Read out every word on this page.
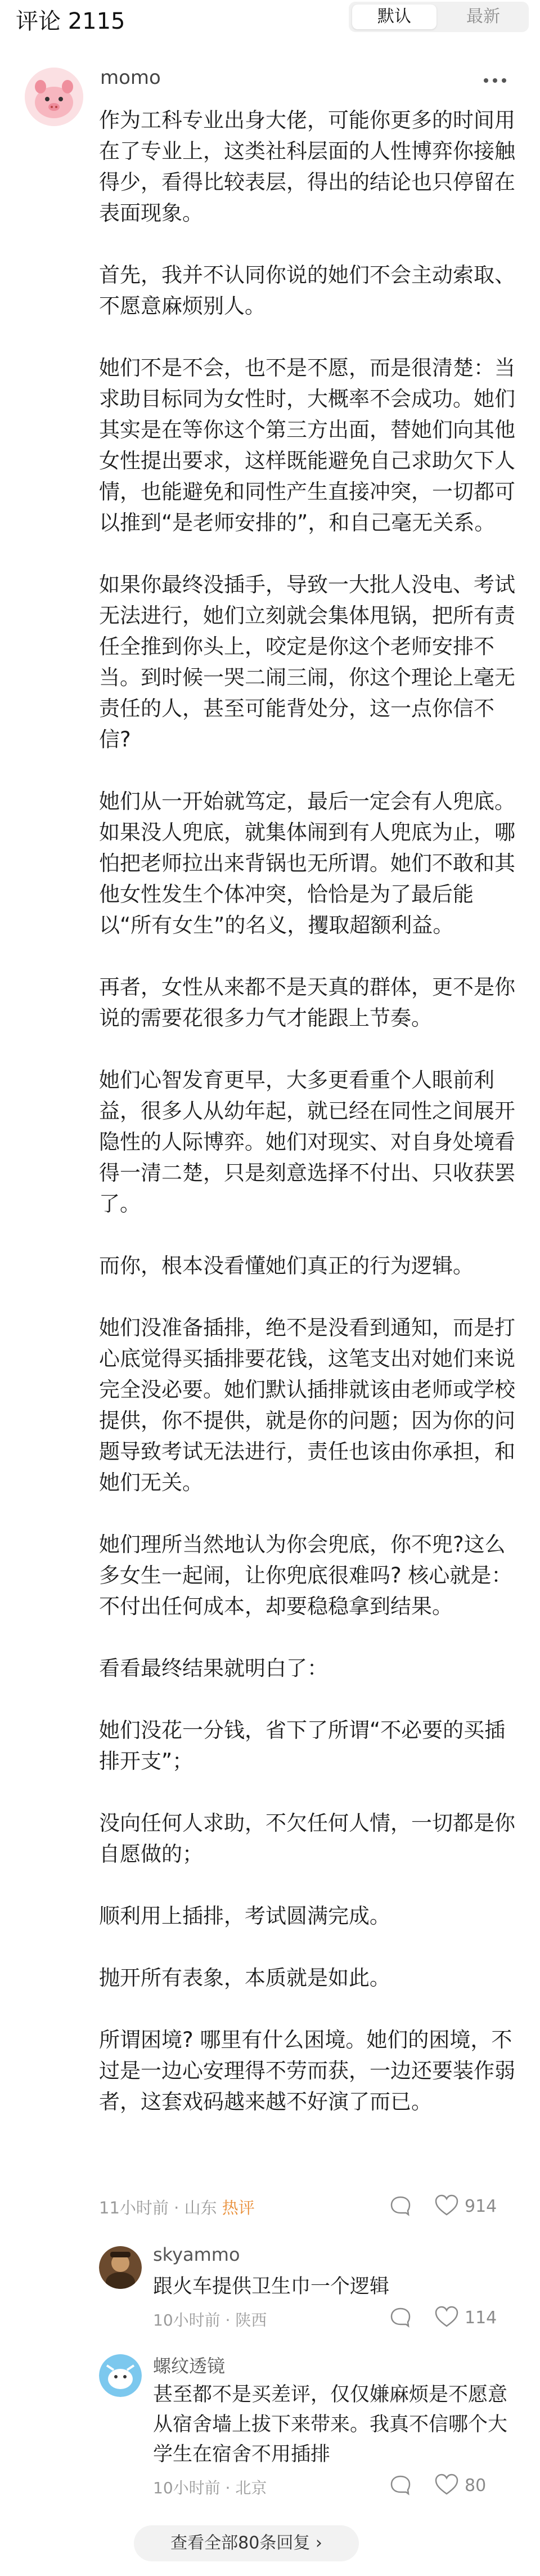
评论 2115	默认	最新
momo

作为工科专业出身大佬，可能你更多的时间用在了专业上，这类社科层面的人性博弈你接触得少，看得比较表层，得出的结论也只停留在表面现象。

首先，我并不认同你说的她们不会主动索取、不愿意麻烦别人。

她们不是不会，也不是不愿，而是很清楚：当求助目标同为女性时，大概率不会成功。她们其实是在等你这个第三方出面，替她们向其他女性提出要求，这样既能避免自己求助欠下人情，也能避免和同性产生直接冲突，一切都可以推到“是老师安排的”，和自己毫无关系。

如果你最终没插手，导致一大批人没电、考试无法进行，她们立刻就会集体甩锅，把所有责任全推到你头上，咬定是你这个老师安排不当。到时候一哭二闹三闹，你这个理论上毫无责任的人，甚至可能背处分，这一点你信不信?

她们从一开始就笃定，最后一定会有人兜底。如果没人兜底，就集体闹到有人兜底为止，哪怕把老师拉出来背锅也无所谓。她们不敢和其他女性发生个体冲突，恰恰是为了最后能以“所有女生”的名义，攫取超额利益。

再者，女性从来都不是天真的群体，更不是你说的需要花很多力气才能跟上节奏。

她们心智发育更早，大多更看重个人眼前利益，很多人从幼年起，就已经在同性之间展开隐性的人际博弈。她们对现实、对自身处境看得一清二楚，只是刻意选择不付出、只收获罢了。

而你，根本没看懂她们真正的行为逻辑。

她们没准备插排，绝不是没看到通知，而是打心底觉得买插排要花钱，这笔支出对她们来说完全没必要。她们默认插排就该由老师或学校提供，你不提供，就是你的问题；因为你的问题导致考试无法进行，责任也该由你承担，和她们无关。

她们理所当然地认为你会兜底，你不兜?这么多女生一起闹，让你兜底很难吗? 核心就是：不付出任何成本，却要稳稳拿到结果。

看看最终结果就明白了：

她们没花一分钱，省下了所谓“不必要的买插排开支”；

没向任何人求助，不欠任何人情，一切都是你自愿做的；

顺利用上插排，考试圆满完成。

抛开所有表象，本质就是如此。

所谓困境? 哪里有什么困境。她们的困境，不过是一边心安理得不劳而获，一边还要装作弱者，这套戏码越来越不好演了而已。

11小时前 · 山东 热评	914
skyammo
跟火车提供卫生巾一个逻辑
10小时前 · 陕西	114
螺纹透镜
甚至都不是买差评，仅仅嫌麻烦是不愿意从宿舍墙上拔下来带来。我真不信哪个大学生在宿舍不用插排
10小时前 · 北京	80
查看全部80条回复 ›
